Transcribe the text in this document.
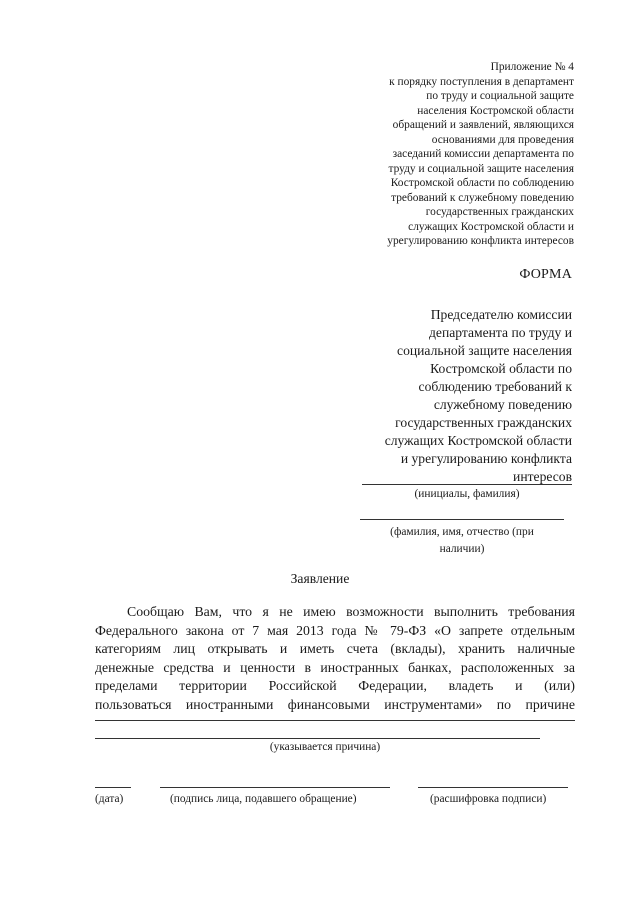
Приложение № 4
к порядку поступления в департамент
по труду и социальной защите
населения Костромской области
обращений и заявлений, являющихся
основаниями для проведения
заседаний комиссии департамента по
труду и социальной защите населения
Костромской области по соблюдению
требований к служебному поведению
государственных гражданских
служащих Костромской области и
урегулированию конфликта интересов
ФОРМА
Председателю комиссии
департамента по труду и
социальной защите населения
Костромской области по
соблюдению требований к
служебному поведению
государственных гражданских
служащих Костромской области
и урегулированию конфликта
интересов
(инициалы, фамилия)
(фамилия, имя, отчество (при
наличии)
Заявление
Сообщаю Вам, что я не имею возможности выполнить требования
Федерального закона от 7 мая 2013 года № 79-ФЗ «О запрете отдельным
категориям лиц открывать и иметь счета (вклады), хранить наличные
денежные средства и ценности в иностранных банках, расположенных за
пределами территории Российской Федерации, владеть и (или)
пользоваться иностранными финансовыми инструментами» по причине
(указывается причина)
(дата)	(подпись лица, подавшего обращение)	(расшифровка подписи)
